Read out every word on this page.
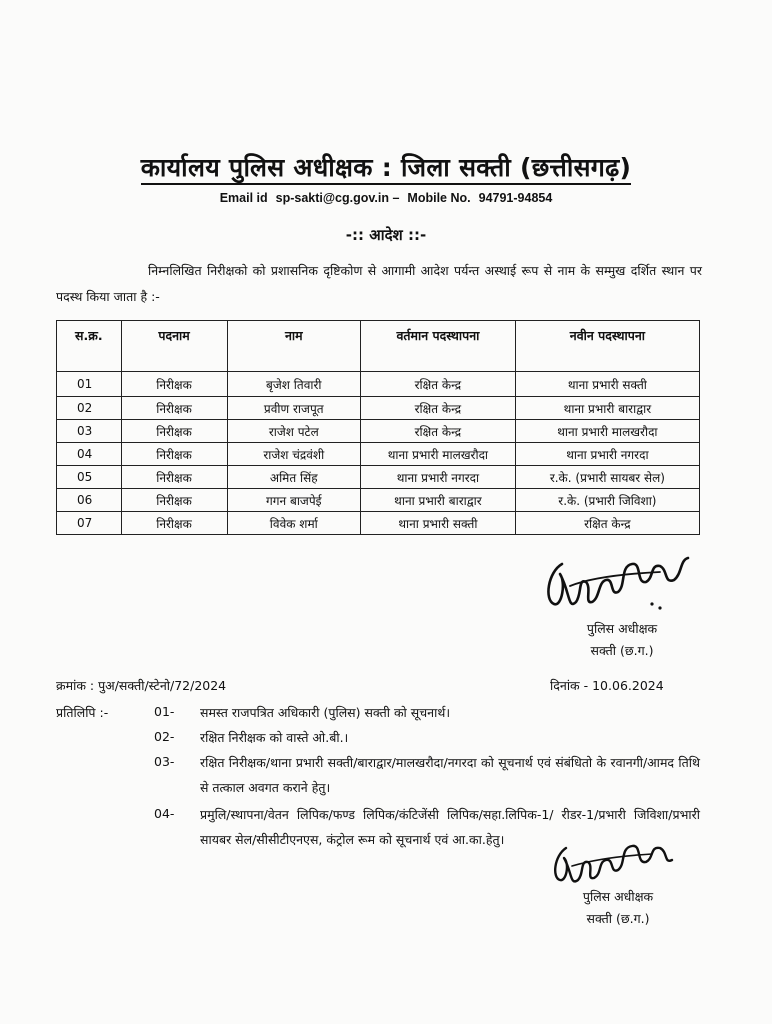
कार्यालय पुलिस अधीक्षक : जिला सक्ती (छत्तीसगढ़)
Email id sp-sakti@cg.gov.in – Mobile No. 94791-94854
-:: आदेश ::-
निम्नलिखित निरीक्षको को प्रशासनिक दृष्टिकोण से आगामी आदेश पर्यन्त अस्थाई रूप से नाम के सम्मुख दर्शित स्थान पर पदस्थ किया जाता है :-
स.क्र.	पदनाम	नाम	वर्तमान पदस्थापना	नवीन पदस्थापना
01	निरीक्षक	बृजेश तिवारी	रक्षित केन्द्र	थाना प्रभारी सक्ती
02	निरीक्षक	प्रवीण राजपूत	रक्षित केन्द्र	थाना प्रभारी बाराद्वार
03	निरीक्षक	राजेश पटेल	रक्षित केन्द्र	थाना प्रभारी मालखरौदा
04	निरीक्षक	राजेश चंद्रवंशी	थाना प्रभारी मालखरौदा	थाना प्रभारी नगरदा
05	निरीक्षक	अमित सिंह	थाना प्रभारी नगरदा	र.के. (प्रभारी सायबर सेल)
06	निरीक्षक	गगन बाजपेई	थाना प्रभारी बाराद्वार	र.के. (प्रभारी जिविशा)
07	निरीक्षक	विवेक शर्मा	थाना प्रभारी सक्ती	रक्षित केन्द्र
पुलिस अधीक्षक
सक्ती (छ.ग.)
क्रमांक : पुअ/सक्ती/स्टेनो/72/2024	दिनांक - 10.06.2024
प्रतिलिपि :-	01- समस्त राजपत्रित अधिकारी (पुलिस) सक्ती को सूचनार्थ।
02- रक्षित निरीक्षक को वास्ते ओ.बी.।
03- रक्षित निरीक्षक/थाना प्रभारी सक्ती/बाराद्वार/मालखरौदा/नगरदा को सूचनार्थ एवं संबंधितो के रवानगी/आमद तिथि से तत्काल अवगत कराने हेतु।
04- प्रमुलि/स्थापना/वेतन लिपिक/फण्ड लिपिक/कंटिजेंसी लिपिक/सहा.लिपिक-1/ रीडर-1/प्रभारी जिविशा/प्रभारी सायबर सेल/सीसीटीएनएस, कंट्रोल रूम को सूचनार्थ एवं आ.का.हेतु।
पुलिस अधीक्षक
सक्ती (छ.ग.)
